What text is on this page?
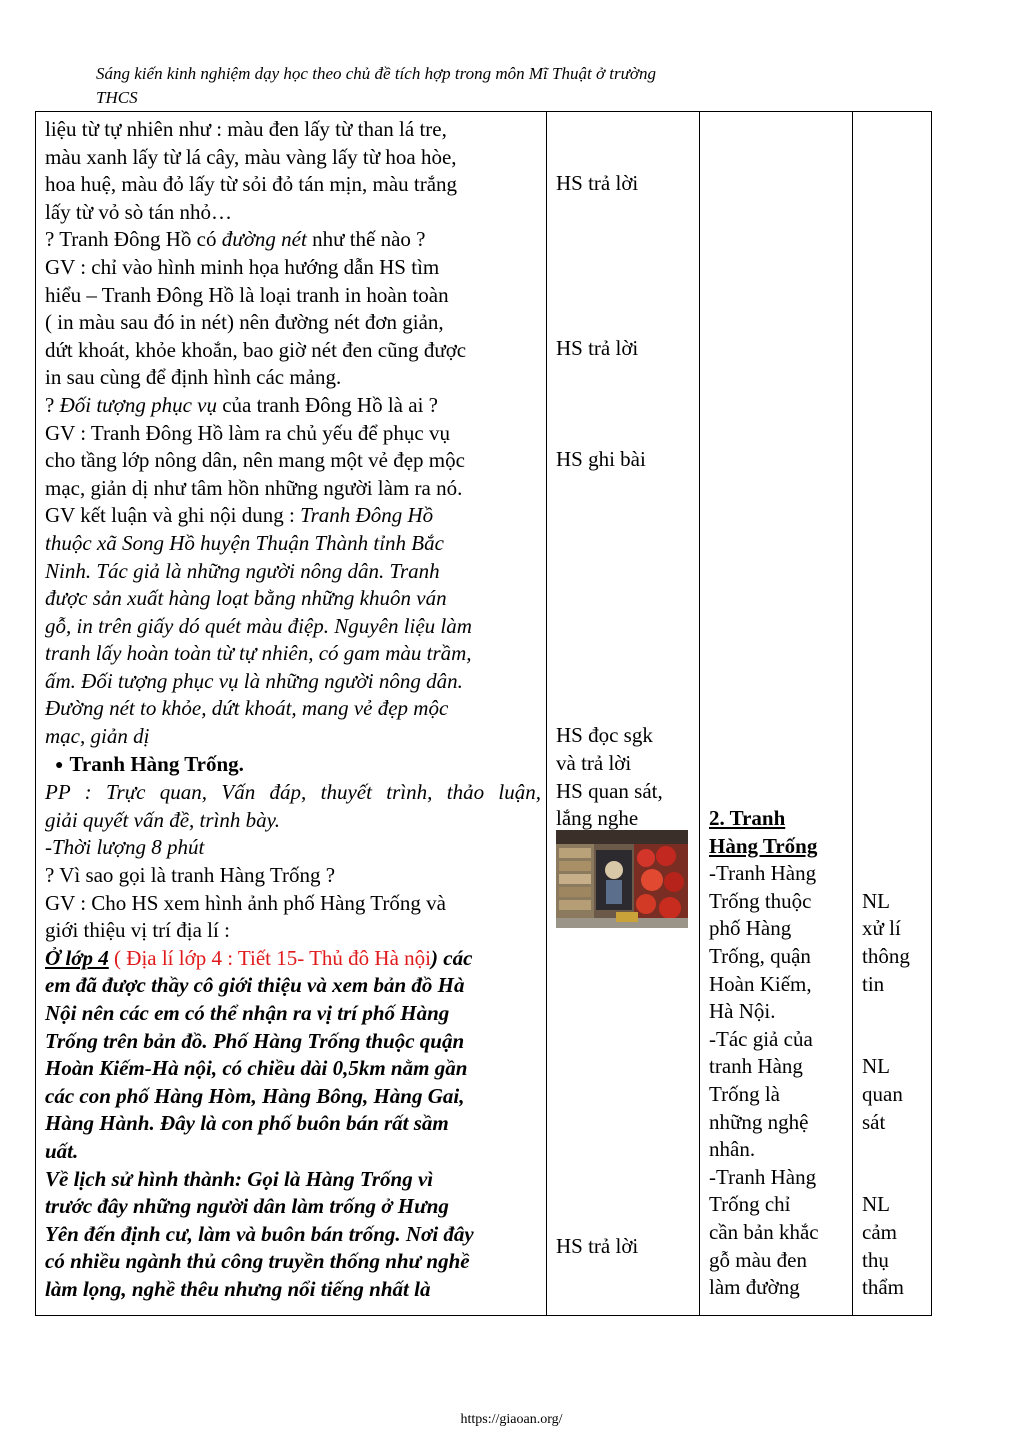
Sáng kiến kinh nghiệm dạy học theo chủ đề tích hợp trong môn Mĩ Thuật ở trường
THCS
liệu từ tự nhiên như : màu đen lấy từ than lá tre,
màu xanh lấy từ lá cây, màu vàng lấy từ hoa hòe,
hoa huệ, màu đỏ lấy từ sỏi đỏ tán mịn, màu trắng
lấy từ vỏ sò tán nhỏ…
? Tranh Đông Hồ có đường nét như thế nào ?
GV : chỉ vào hình minh họa hướng dẫn HS tìm
hiểu – Tranh Đông Hồ là loại tranh in hoàn toàn
( in màu sau đó in nét) nên đường nét đơn giản,
dứt khoát, khỏe khoắn, bao giờ nét đen cũng được
in sau cùng để định hình các mảng.
? Đối tượng phục vụ của tranh Đông Hồ là ai ?
GV : Tranh Đông Hồ làm ra chủ yếu để phục vụ
cho tầng lớp nông dân, nên mang một vẻ đẹp mộc
mạc, giản dị như tâm hồn những người làm ra nó.
GV kết luận và ghi nội dung : Tranh Đông Hồ
thuộc xã Song Hồ huyện Thuận Thành tỉnh Bắc
Ninh. Tác giả là những người nông dân. Tranh
được sản xuất hàng loạt bằng những khuôn ván
gỗ, in trên giấy dó quét màu điệp. Nguyên liệu làm
tranh lấy hoàn toàn từ tự nhiên, có gam màu trầm,
ấm. Đối tượng phục vụ là những người nông dân.
Đường nét to khỏe, dứt khoát, mang vẻ đẹp mộc
mạc, giản dị
● Tranh Hàng Trống.
PP : Trực quan, Vấn đáp, thuyết trình, thảo luận,
giải quyết vấn đề, trình bày.
-Thời lượng 8 phút
? Vì sao gọi là tranh Hàng Trống ?
GV : Cho HS xem hình ảnh phố Hàng Trống và
giới thiệu vị trí địa lí :
Ở lớp 4 ( Địa lí lớp 4 : Tiết 15- Thủ đô Hà nội) các
em đã được thầy cô giới thiệu và xem bản đồ Hà
Nội nên các em có thể nhận ra vị trí phố Hàng
Trống trên bản đồ. Phố Hàng Trống thuộc quận
Hoàn Kiếm-Hà nội, có chiều dài 0,5km nằm gần
các con phố Hàng Hòm, Hàng Bông, Hàng Gai,
Hàng Hành. Đây là con phố buôn bán rất sầm
uất.
Về lịch sử hình thành: Gọi là Hàng Trống vì
trước đây những người dân làm trống ở Hưng
Yên đến định cư, làm và buôn bán trống. Nơi đây
có nhiều ngành thủ công truyền thống như nghề
làm lọng, nghề thêu nhưng nổi tiếng nhất là
HS trả lời
HS trả lời
HS ghi bài
HS đọc sgk
và trả lời
HS quan sát,
lắng nghe
HS trả lời
2. Tranh
Hàng Trống
-Tranh Hàng
Trống thuộc
phố Hàng
Trống, quận
Hoàn Kiếm,
Hà Nội.
-Tác giả của
tranh Hàng
Trống là
những nghệ
nhân.
-Tranh Hàng
Trống chỉ
cần bản khắc
gỗ màu đen
làm đường
NL
xử lí
thông
tin
NL
quan
sát
NL
cảm
thụ
thẩm
https://giaoan.org/
